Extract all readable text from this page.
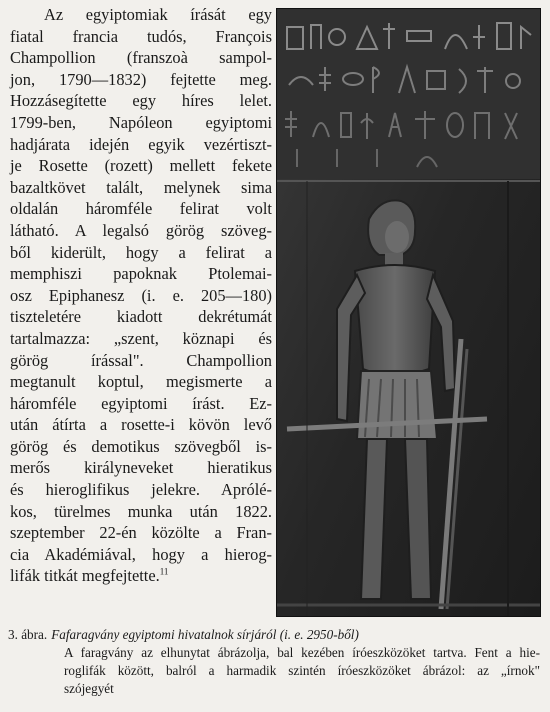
Az egyiptomiak írását egy
fiatal francia tudós, François
Champollion (franszoà sampol-
jon, 1790—1832) fejtette meg.
Hozzásegítette egy híres lelet.
1799-ben, Napóleon egyiptomi
hadjárata idején egyik vezértiszt-
je Rosette (rozett) mellett fekete
bazaltkövet talált, melynek sima
oldalán háromféle felirat volt
látható. A legalsó görög szöveg-
ből kiderült, hogy a felirat a
memphiszi papoknak Ptolemai-
osz Epiphanesz (i. e. 205—180)
tiszteletére kiadott dekrétumát
tartalmazza: „szent, köznapi és
görög írással". Champollion
megtanult koptul, megismerte a
háromféle egyiptomi írást. Ez-
után átírta a rosette-i kövön levő
görög és demotikus szövegből is-
merős királyneveket hieratikus
és hieroglifikus jelekre. Aprólé-
kos, türelmes munka után 1822.
szeptember 22-én közölte a Fran-
cia Akadémiával, hogy a hierog-
lifák titkát megfejtette.$^{11}$
3. ábra. Fafaragvány egyiptomi hivatalnok sírjáról (i. e. 2950-ből)
A faragvány az elhunytat ábrázolja, bal kezében íróeszközöket tartva. Fent a hie-
roglifák között, balról a harmadik szintén íróeszközöket ábrázol: az „írnok"
szójegyét
